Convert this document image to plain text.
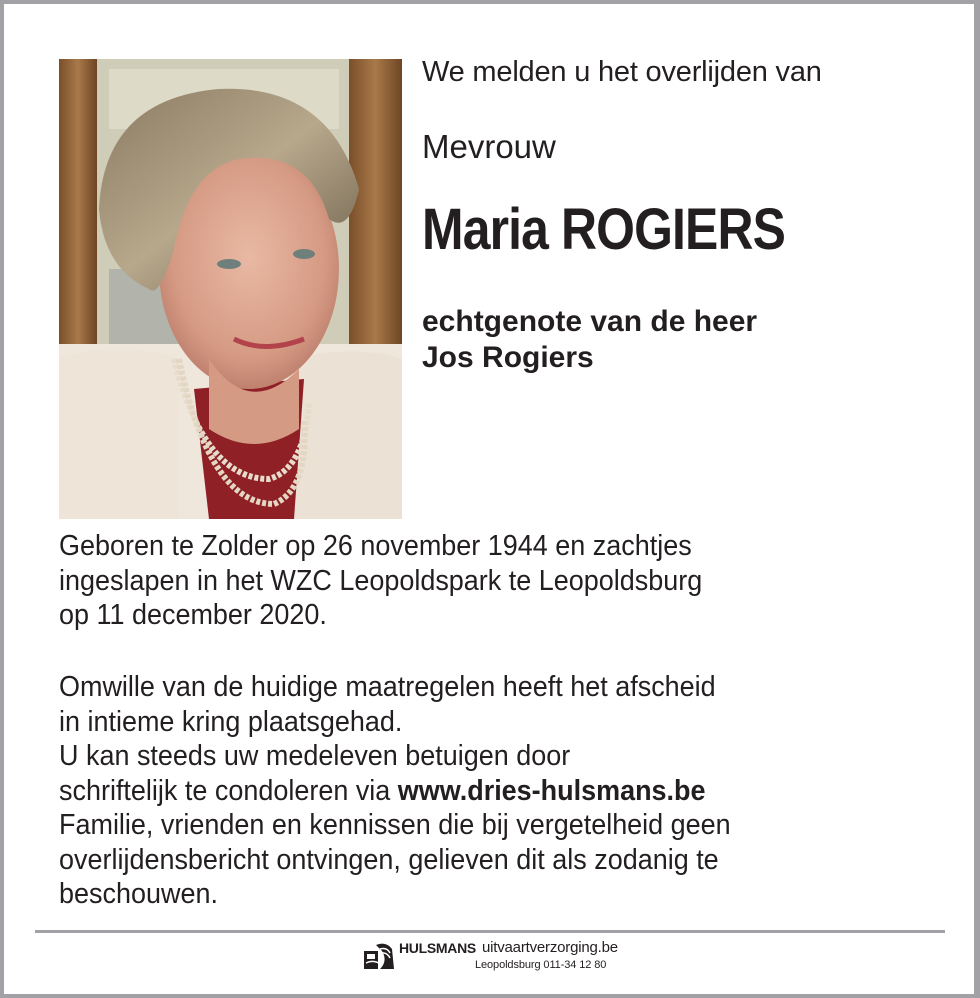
We melden u het overlijden van
Mevrouw
Maria ROGIERS
echtgenote van de heer
Jos Rogiers
Geboren te Zolder op 26 november 1944 en zachtjes
ingeslapen in het WZC Leopoldspark te Leopoldsburg
op 11 december 2020.
Omwille van de huidige maatregelen heeft het afscheid
in intieme kring plaatsgehad.
U kan steeds uw medeleven betuigen door
schriftelijk te condoleren via www.dries-hulsmans.be
Familie, vrienden en kennissen die bij vergetelheid geen
overlijdensbericht ontvingen, gelieven dit als zodanig te
beschouwen.
HULSMANS uitvaartverzorging.be
Leopoldsburg 011-34 12 80
